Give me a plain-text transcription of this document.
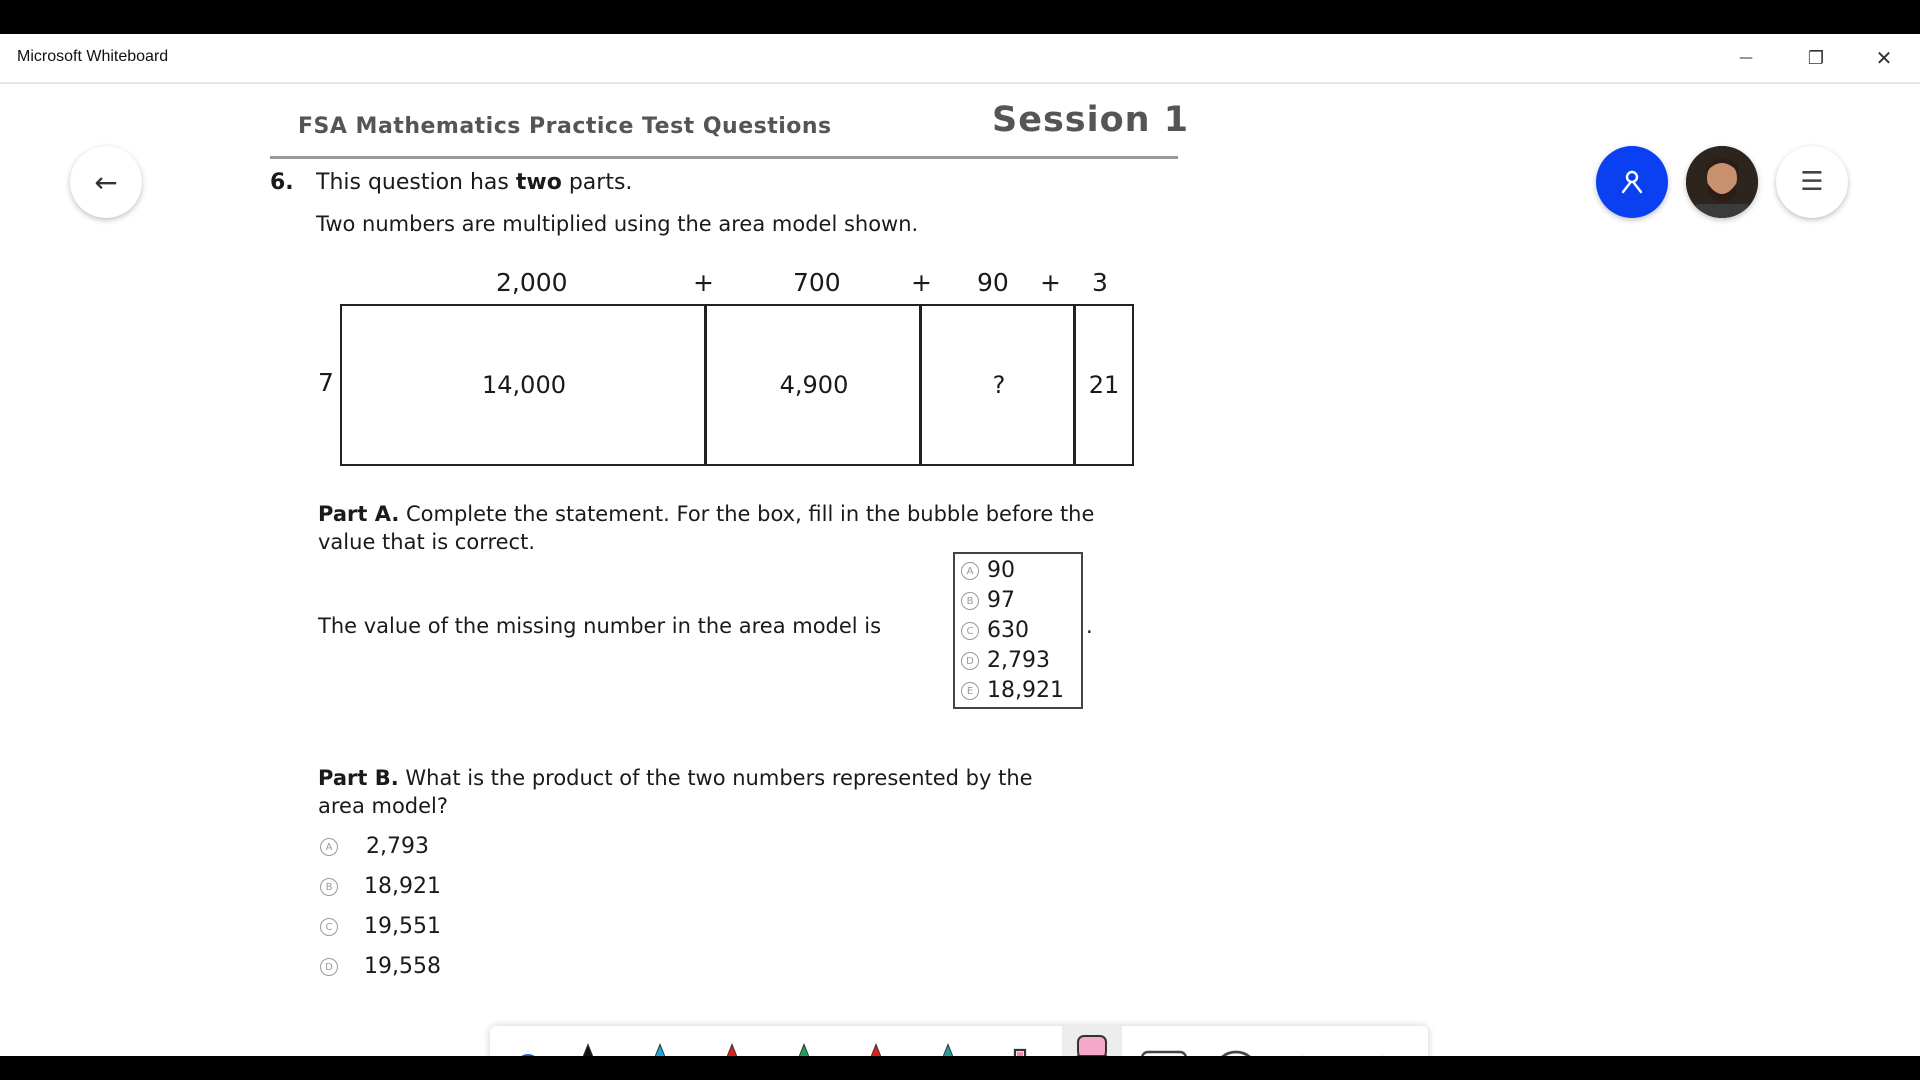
Microsoft Whiteboard	—	❐	✕
FSA Mathematics Practice Test Questions	Session 1
6. This question has two parts.
Two numbers are multiplied using the area model shown.
2,000	+	700	+ 90 + 3
7	14,000	4,900	?	21
Part A. Complete the statement. For the box, fill in the bubble before the
value that is correct.
The value of the missing number in the area model is
A 90
B 97
C 630
D 2,793
E 18,921
.
Part B. What is the product of the two numbers represented by the
area model?
A 2,793
B 18,921
C 19,551
D 19,558
←	☰
